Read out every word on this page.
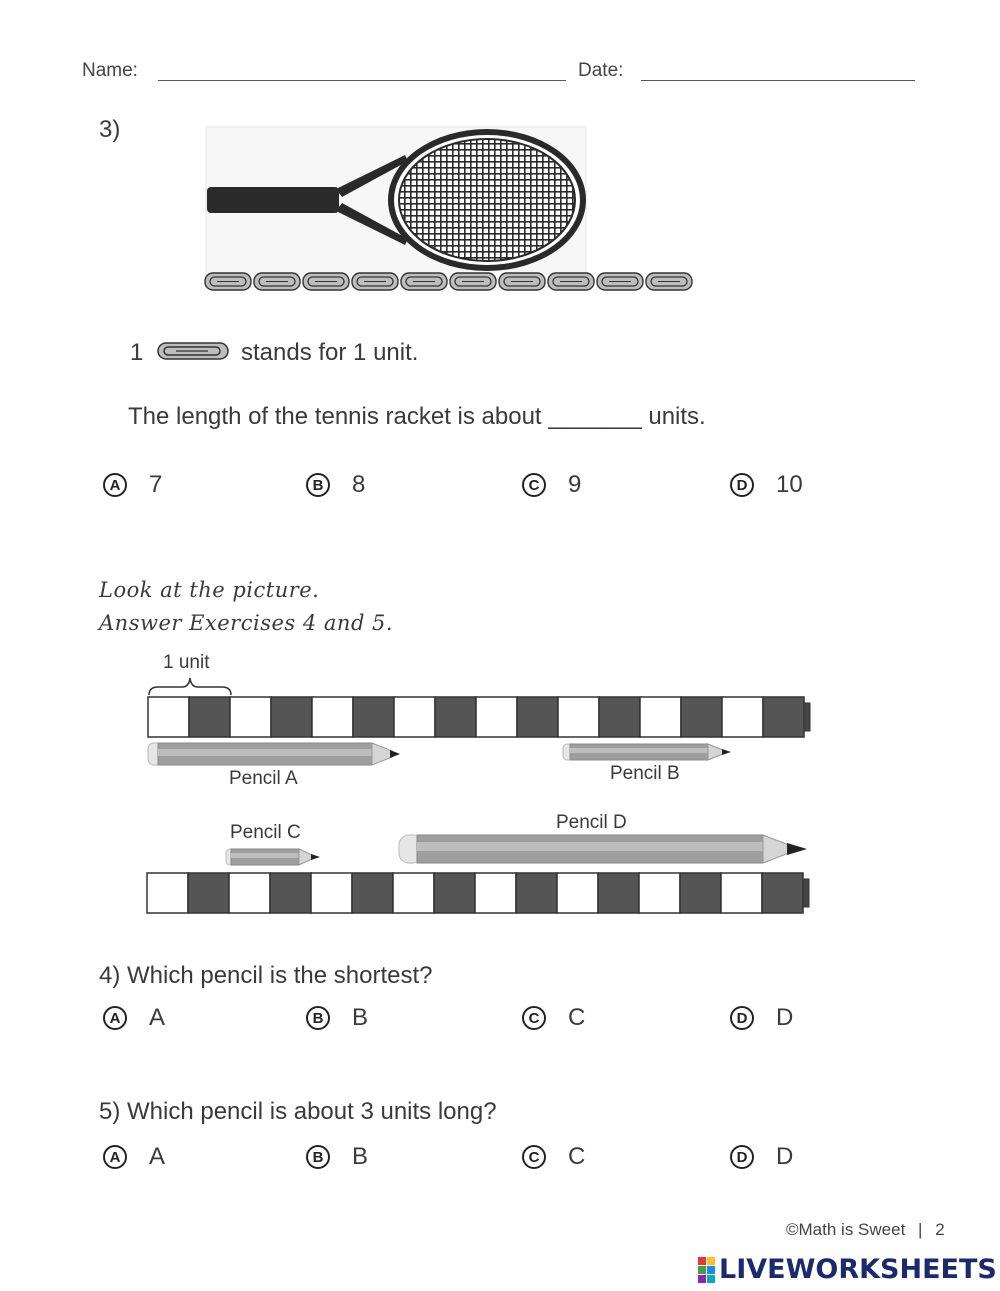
Name:	Date:
3)
1	stands for 1 unit.
The length of the tennis racket is about _______ units.
A 7	B 8	C 9	D 10
Look at the picture.
Answer Exercises 4 and 5.
1 unit
Pencil A	Pencil B
Pencil C	Pencil D
4) Which pencil is the shortest?
A A	B B	C C	D D
5) Which pencil is about 3 units long?
A A	B B	C C	D D
©Math is Sweet | 2
LIVEWORKSHEETS
